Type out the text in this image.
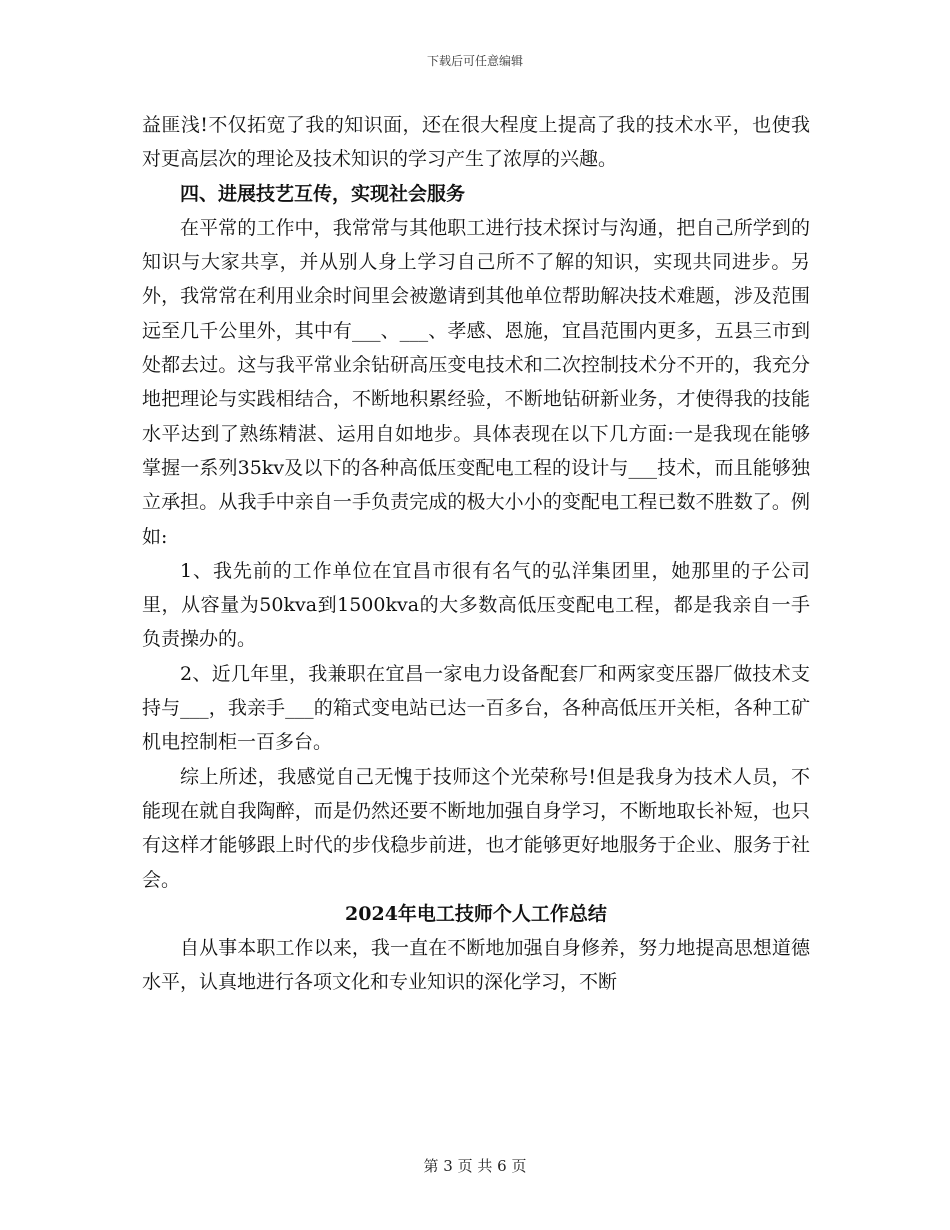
下载后可任意编辑

益匪浅!不仅拓宽了我的知识面，还在很大程度上提高了我的技术水平，也使我对更高层次的理论及技术知识的学习产生了浓厚的兴趣。

四、进展技艺互传，实现社会服务

在平常的工作中，我常常与其他职工进行技术探讨与沟通，把自己所学到的知识与大家共享，并从别人身上学习自己所不了解的知识，实现共同进步。另外，我常常在利用业余时间里会被邀请到其他单位帮助解决技术难题，涉及范围远至几千公里外，其中有___、___、孝感、恩施，宜昌范围内更多，五县三市到处都去过。这与我平常业余钻研高压变电技术和二次控制技术分不开的，我充分地把理论与实践相结合，不断地积累经验，不断地钻研新业务，才使得我的技能水平达到了熟练精湛、运用自如地步。具体表现在以下几方面:一是我现在能够掌握一系列35kv及以下的各种高低压变配电工程的设计与___技术，而且能够独立承担。从我手中亲自一手负责完成的极大小小的变配电工程已数不胜数了。例如:

1、我先前的工作单位在宜昌市很有名气的弘洋集团里，她那里的子公司里，从容量为50kva到1500kva的大多数高低压变配电工程，都是我亲自一手负责操办的。

2、近几年里，我兼职在宜昌一家电力设备配套厂和两家变压器厂做技术支持与___，我亲手___的箱式变电站已达一百多台，各种高低压开关柜，各种工矿机电控制柜一百多台。

综上所述，我感觉自己无愧于技师这个光荣称号!但是我身为技术人员，不能现在就自我陶醉，而是仍然还要不断地加强自身学习，不断地取长补短，也只有这样才能够跟上时代的步伐稳步前进，也才能够更好地服务于企业、服务于社会。

2024年电工技师个人工作总结

自从事本职工作以来，我一直在不断地加强自身修养，努力地提高思想道德水平，认真地进行各项文化和专业知识的深化学习，不断

第 3 页 共 6 页
